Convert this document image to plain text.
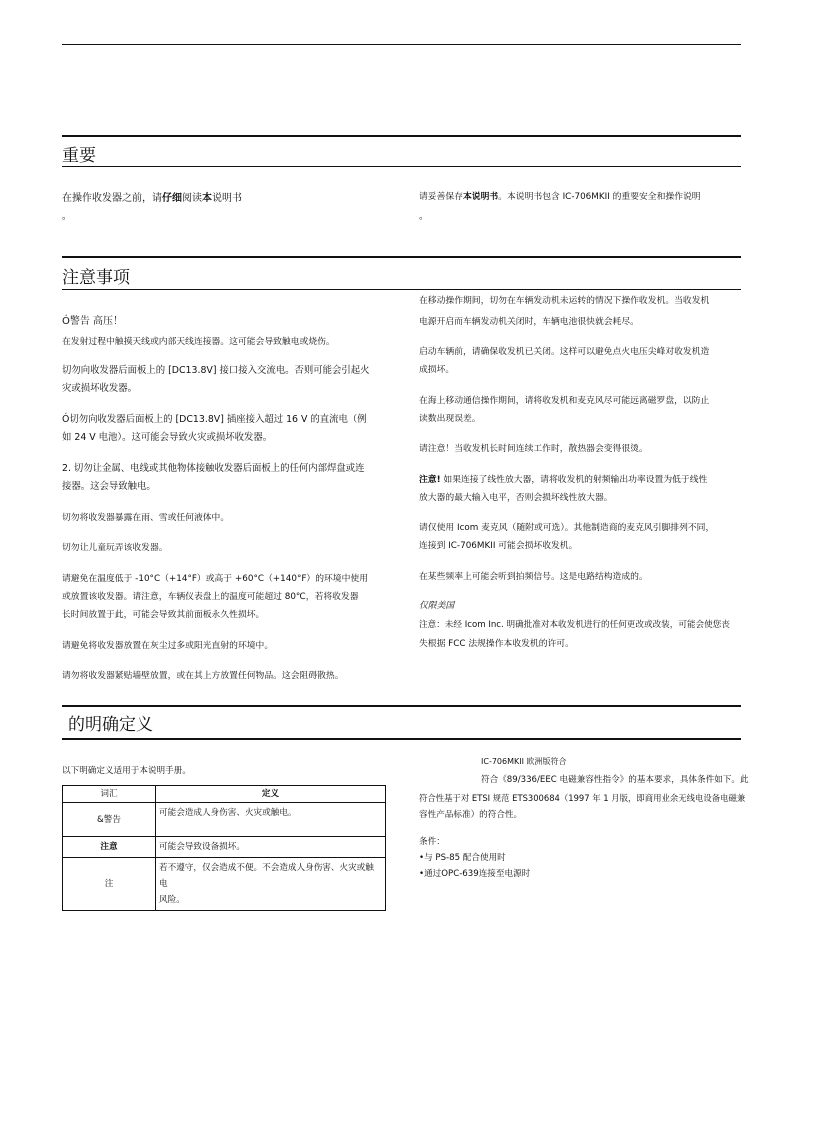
重要
在操作收发器之前，请仔细阅读本说明书
。
请妥善保存本说明书。本说明书包含 IC-706MKII 的重要安全和操作说明
。
注意事项
Ó警告 高压！
在发射过程中触摸天线或内部天线连接器。这可能会导致触电或烧伤。
切勿向收发器后面板上的 [DC13.8V] 接口接入交流电。否则可能会引起火
灾或损坏收发器。
Ó切勿向收发器后面板上的 [DC13.8V] 插座接入超过 16 V 的直流电（例
如 24 V 电池）。这可能会导致火灾或损坏收发器。
2. 切勿让金属、电线或其他物体接触收发器后面板上的任何内部焊盘或连
接器。这会导致触电。
切勿将收发器暴露在雨、雪或任何液体中。
切勿让儿童玩弄该收发器。
请避免在温度低于 -10°C（+14°F）或高于 +60°C（+140°F）的环境中使用
或放置该收发器。请注意，车辆仪表盘上的温度可能超过 80℃，若将收发器
长时间放置于此，可能会导致其前面板永久性损坏。
请避免将收发器放置在灰尘过多或阳光直射的环境中。
请勿将收发器紧贴墙壁放置，或在其上方放置任何物品。这会阻碍散热。
在移动操作期间，切勿在车辆发动机未运转的情况下操作收发机。当收发机
电源开启而车辆发动机关闭时，车辆电池很快就会耗尽。
启动车辆前，请确保收发机已关闭。这样可以避免点火电压尖峰对收发机造
成损坏。
在海上移动通信操作期间，请将收发机和麦克风尽可能远离磁罗盘，以防止
读数出现误差。
请注意！当收发机长时间连续工作时，散热器会变得很烫。
注意! 如果连接了线性放大器，请将收发机的射频输出功率设置为低于线性
放大器的最大输入电平，否则会损坏线性放大器。
请仅使用 Icom 麦克风（随附或可选）。其他制造商的麦克风引脚排列不同，
连接到 IC-706MKII 可能会损坏收发机。
在某些频率上可能会听到拍频信号。这是电路结构造成的。
仅限美国
注意：未经 Icom Inc. 明确批准对本收发机进行的任何更改或改装，可能会使您丧
失根据 FCC 法规操作本收发机的许可。
的明确定义
以下明确定义适用于本说明手册。
词汇	定义
&警告	可能会造成人身伤害、火灾或触电。
注意	可能会导致设备损坏。
注	若不遵守，仅会造成不便。不会造成人身伤害、火灾或触电
风险。
IC-706MKII 欧洲版符合
符合《89/336/EEC 电磁兼容性指令》的基本要求，具体条件如下。此
符合性基于对 ETSI 规范 ETS300684（1997 年 1 月版，即商用业余无线电设备电磁兼
容性产品标准）的符合性。
条件：
•与 PS-85 配合使用时
•通过OPC-639连接至电源时
